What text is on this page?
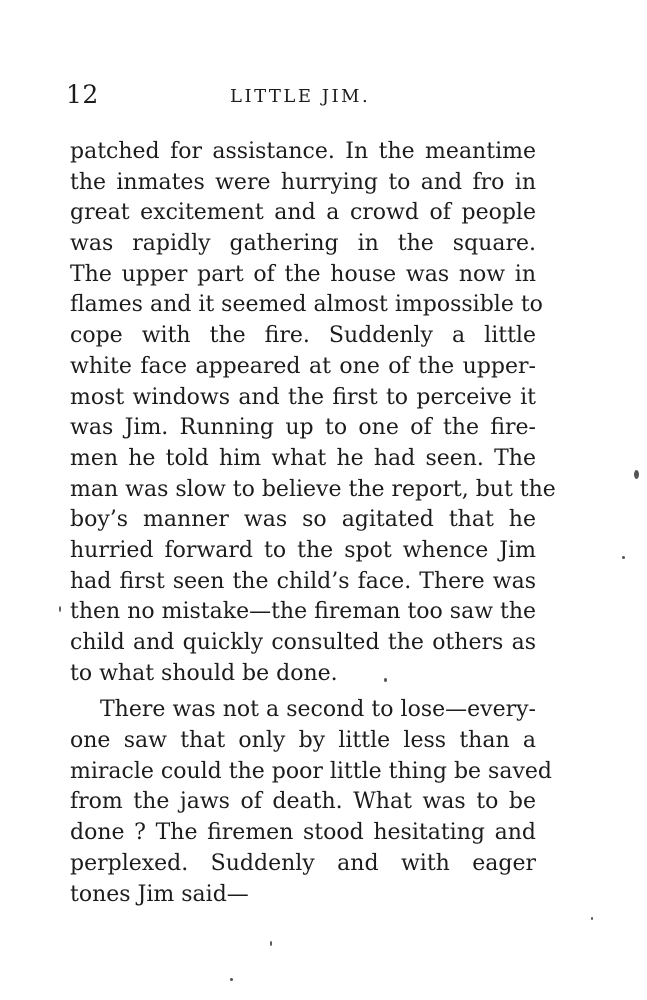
12	LITTLE JIM.
patched for assistance. In the meantime
the inmates were hurrying to and fro in
great excitement and a crowd of people
was rapidly gathering in the square.
The upper part of the house was now in
flames and it seemed almost impossible to
cope with the fire. Suddenly a little
white face appeared at one of the upper-
most windows and the first to perceive it
was Jim. Running up to one of the fire-
men he told him what he had seen. The
man was slow to believe the report, but the
boy’s manner was so agitated that he
hurried forward to the spot whence Jim
had first seen the child’s face. There was
then no mistake—the fireman too saw the
child and quickly consulted the others as
to what should be done.
There was not a second to lose—every-
one saw that only by little less than a
miracle could the poor little thing be saved
from the jaws of death. What was to be
done ? The firemen stood hesitating and
perplexed. Suddenly and with eager
tones Jim said—
